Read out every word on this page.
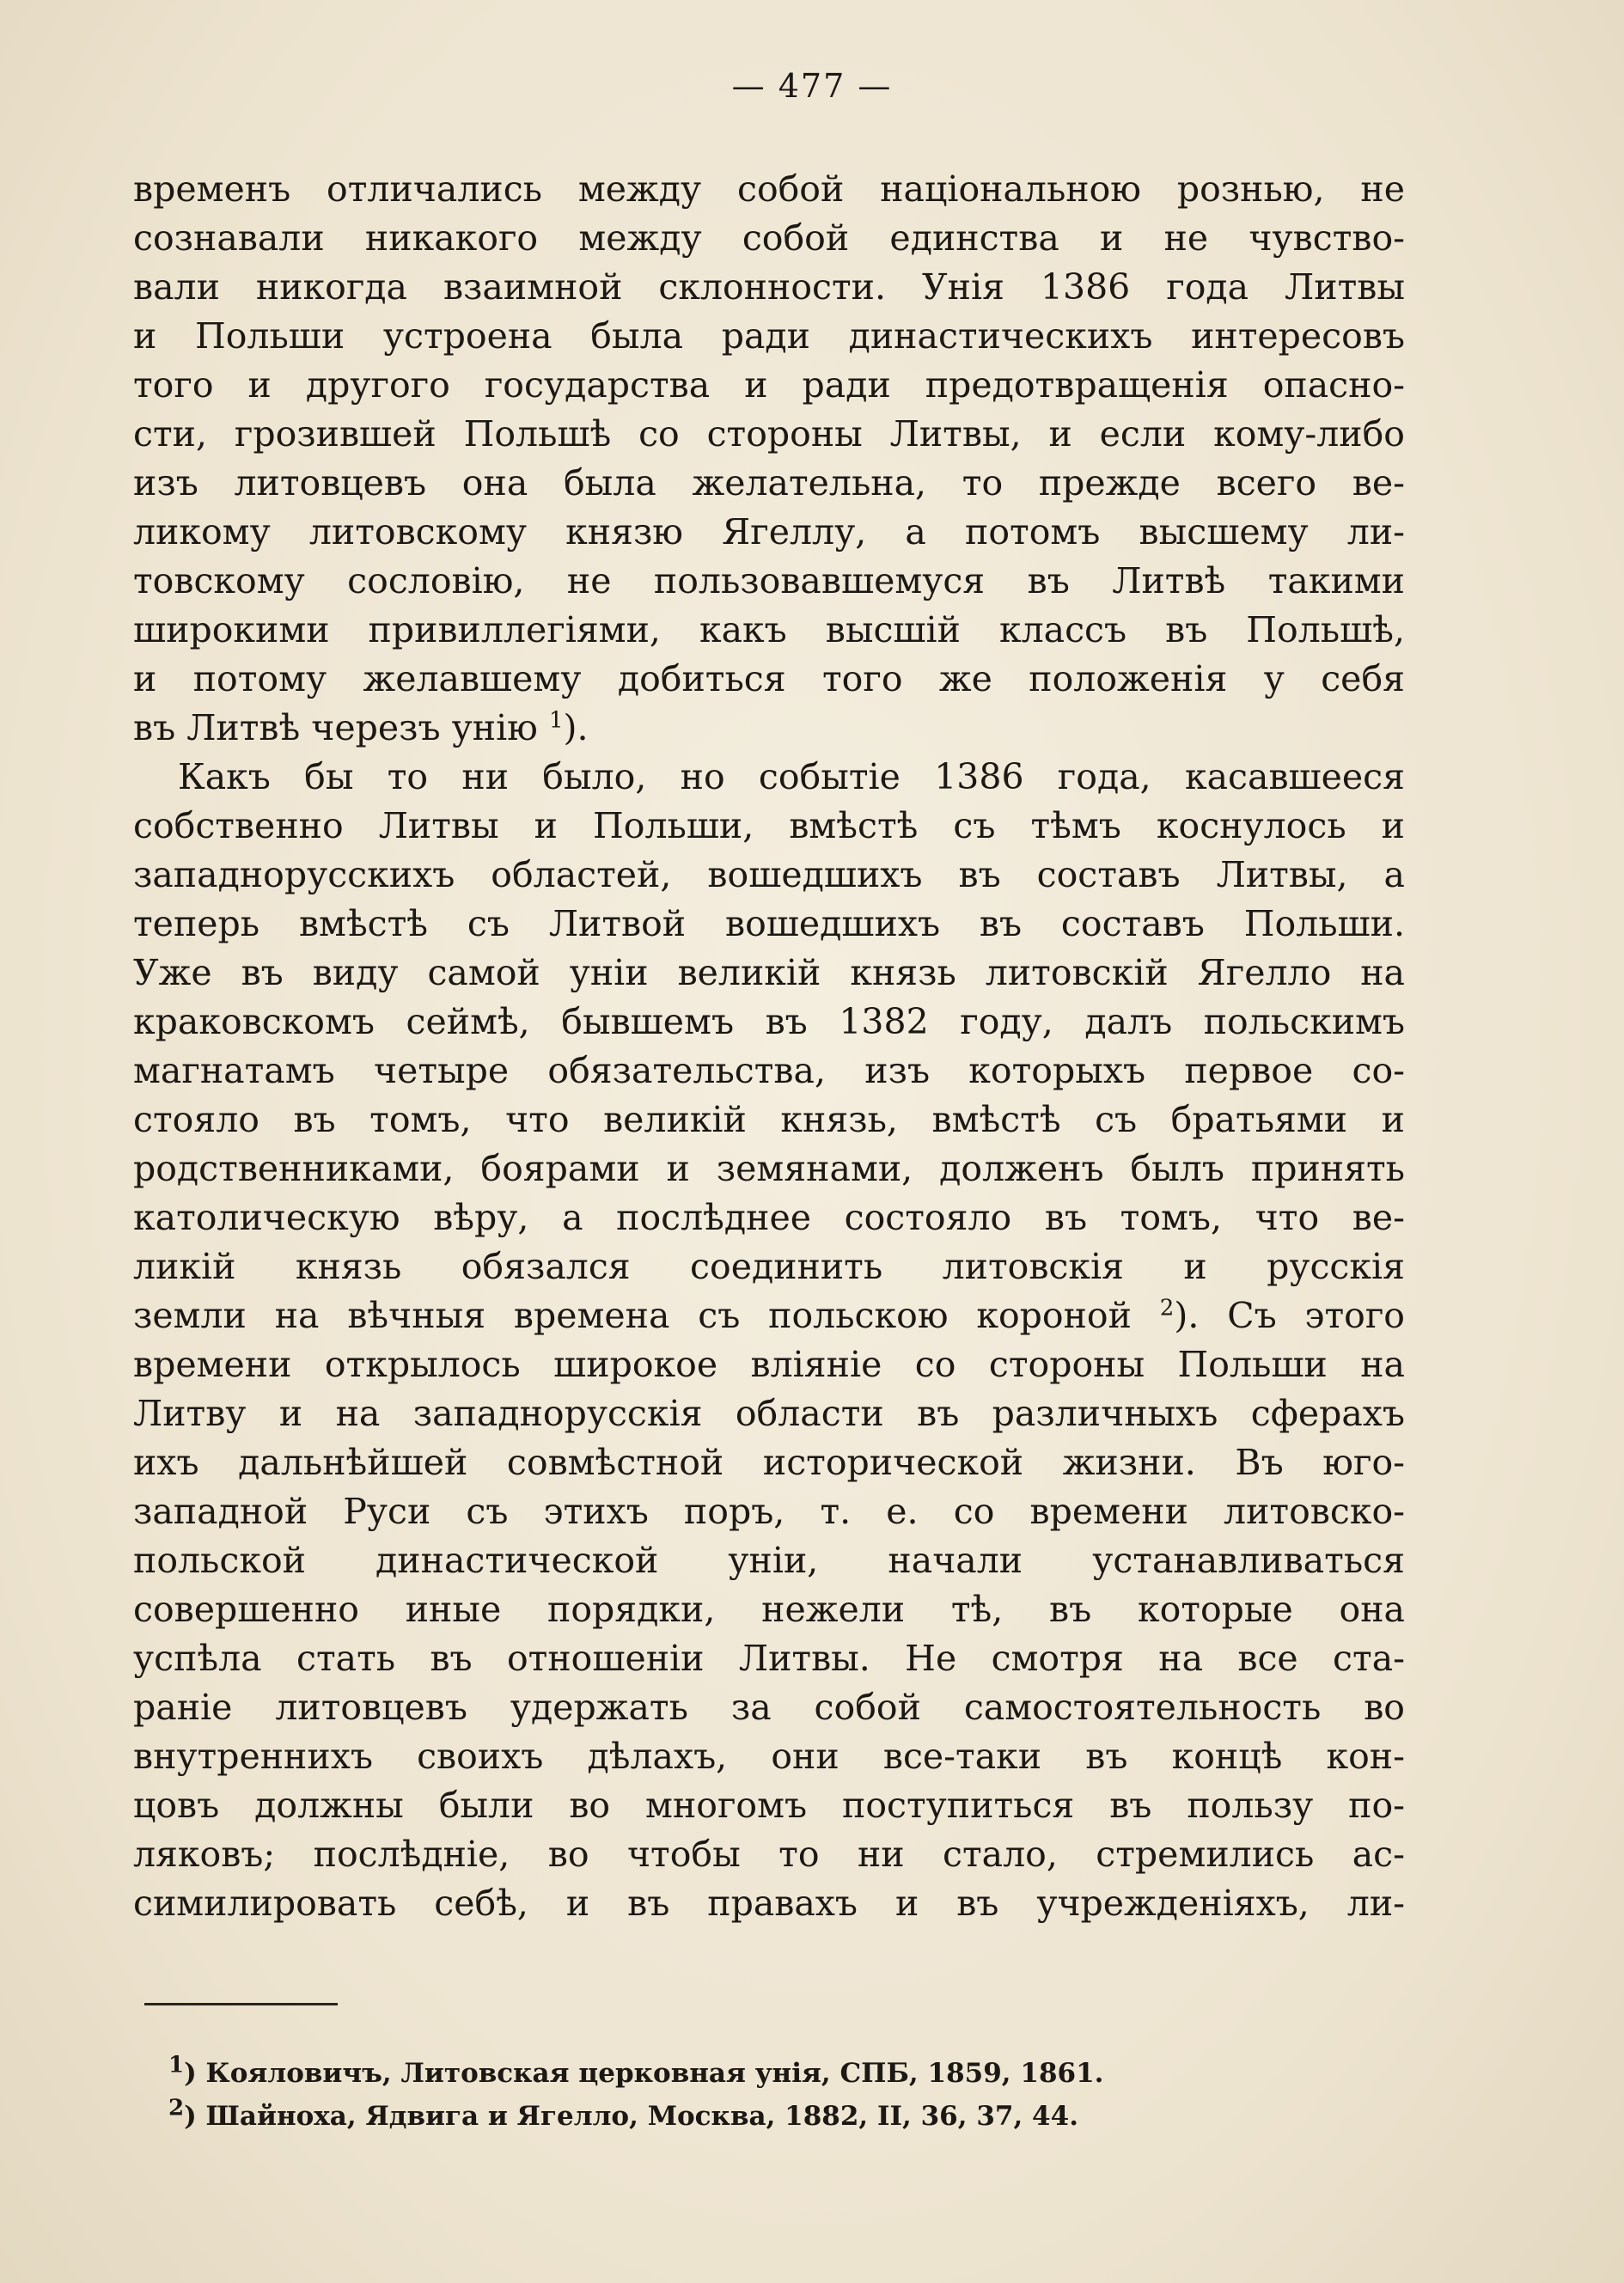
— 477 —
временъ отличались между собой національною рознью, не
сознавали никакого между собой единства и не чувство-
вали никогда взаимной склонности. Унія 1386 года Литвы
и Польши устроена была ради династическихъ интересовъ
того и другого государства и ради предотвращенія опасно-
сти, грозившей Польшѣ со стороны Литвы, и если кому-либо
изъ литовцевъ она была желательна, то прежде всего ве-
ликому литовскому князю Ягеллу, а потомъ высшему ли-
товскому сословію, не пользовавшемуся въ Литвѣ такими
широкими привиллегіями, какъ высшій классъ въ Польшѣ,
и потому желавшему добиться того же положенія у себя
въ Литвѣ черезъ унію $^1$).
Какъ бы то ни было, но событіе 1386 года, касавшееся
собственно Литвы и Польши, вмѣстѣ съ тѣмъ коснулось и
западнорусскихъ областей, вошедшихъ въ составъ Литвы, а
теперь вмѣстѣ съ Литвой вошедшихъ въ составъ Польши.
Уже въ виду самой уніи великій князь литовскій Ягелло на
краковскомъ сеймѣ, бывшемъ въ 1382 году, далъ польскимъ
магнатамъ четыре обязательства, изъ которыхъ первое со-
стояло въ томъ, что великій князь, вмѣстѣ съ братьями и
родственниками, боярами и земянами, долженъ былъ принять
католическую вѣру, а послѣднее состояло въ томъ, что ве-
ликій князь обязался соединить литовскія и русскія
земли на вѣчныя времена съ польскою короной $^2$). Съ этого
времени открылось широкое вліяніе со стороны Польши на
Литву и на западнорусскія области въ различныхъ сферахъ
ихъ дальнѣйшей совмѣстной исторической жизни. Въ юго-
западной Руси съ этихъ поръ, т. е. со времени литовско-
польской династической уніи, начали устанавливаться
совершенно иные порядки, нежели тѣ, въ которые она
успѣла стать въ отношеніи Литвы. Не смотря на все ста-
раніе литовцевъ удержать за собой самостоятельность во
внутреннихъ своихъ дѣлахъ, они все-таки въ концѣ кон-
цовъ должны были во многомъ поступиться въ пользу по-
ляковъ; послѣдніе, во чтобы то ни стало, стремились ас-
симилировать себѣ, и въ правахъ и въ учрежденіяхъ, ли-
$^1$) Кояловичъ, Литовская церковная унія, СПБ, 1859, 1861.
$^2$) Шайноха, Ядвига и Ягелло, Москва, 1882, II, 36, 37, 44.
